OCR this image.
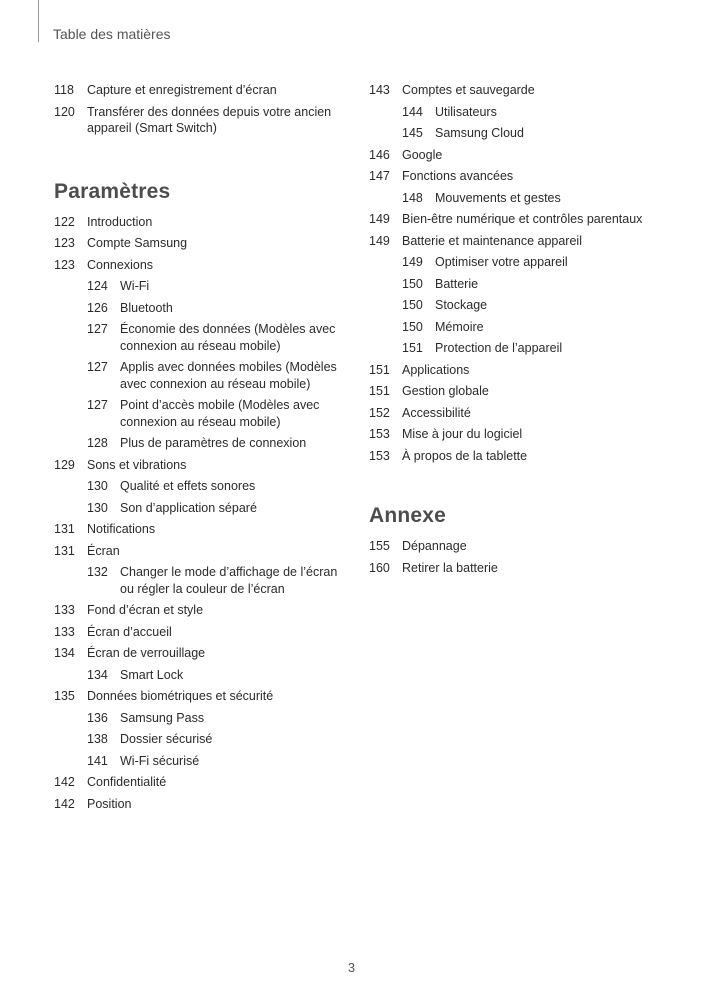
Table des matières
118	Capture et enregistrement d’écran
120 Transférer des données depuis votre ancien appareil (Smart Switch)
Paramètres
122 Introduction
123 Compte Samsung
123 Connexions
124 Wi-Fi
126 Bluetooth
127 Économie des données (Modèles avec connexion au réseau mobile)
127 Applis avec données mobiles (Modèles avec connexion au réseau mobile)
127 Point d’accès mobile (Modèles avec connexion au réseau mobile)
128 Plus de paramètres de connexion
129 Sons et vibrations
130 Qualité et effets sonores
130 Son d’application séparé
131 Notifications
131 Écran
132 Changer le mode d’affichage de l’écran ou régler la couleur de l’écran
133 Fond d’écran et style
133 Écran d’accueil
134 Écran de verrouillage
134 Smart Lock
135 Données biométriques et sécurité
136 Samsung Pass
138 Dossier sécurisé
141 Wi-Fi sécurisé
142 Confidentialité
142 Position
143 Comptes et sauvegarde
144 Utilisateurs
145 Samsung Cloud
146 Google
147 Fonctions avancées
148 Mouvements et gestes
149 Bien-être numérique et contrôles parentaux
149 Batterie et maintenance appareil
149 Optimiser votre appareil
150 Batterie
150 Stockage
150 Mémoire
151 Protection de l’appareil
151 Applications
151 Gestion globale
152 Accessibilité
153 Mise à jour du logiciel
153 À propos de la tablette
Annexe
155 Dépannage
160 Retirer la batterie
3
